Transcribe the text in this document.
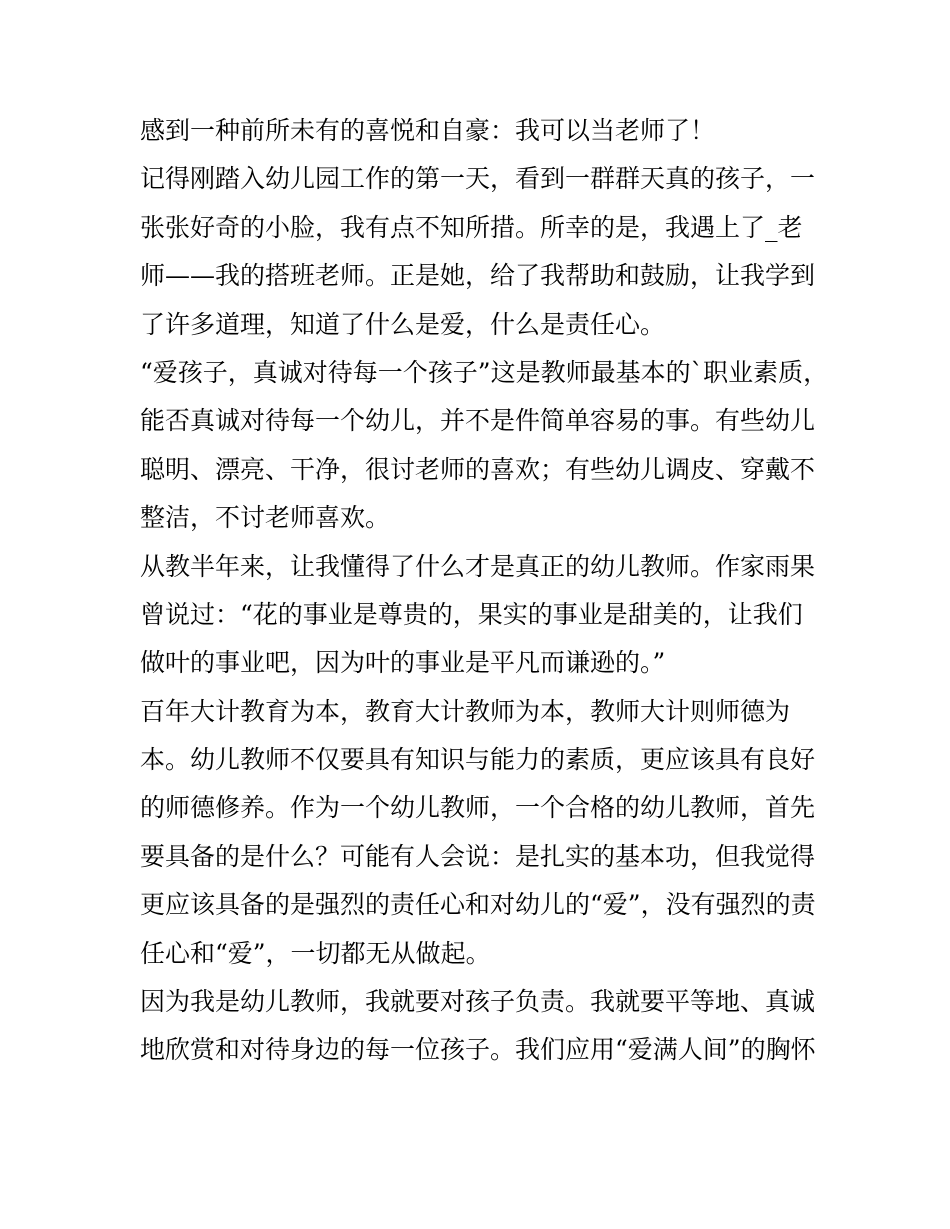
感到一种前所未有的喜悦和自豪：我可以当老师了！
记得刚踏入幼儿园工作的第一天，看到一群群天真的孩子，一
张张好奇的小脸，我有点不知所措。所幸的是，我遇上了_老
师——我的搭班老师。正是她，给了我帮助和鼓励，让我学到
了许多道理，知道了什么是爱，什么是责任心。
“爱孩子，真诚对待每一个孩子”这是教师最基本的`职业素质，
能否真诚对待每一个幼儿，并不是件简单容易的事。有些幼儿
聪明、漂亮、干净，很讨老师的喜欢；有些幼儿调皮、穿戴不
整洁，不讨老师喜欢。
从教半年来，让我懂得了什么才是真正的幼儿教师。作家雨果
曾说过：“花的事业是尊贵的，果实的事业是甜美的，让我们
做叶的事业吧，因为叶的事业是平凡而谦逊的。”
百年大计教育为本，教育大计教师为本，教师大计则师德为
本。幼儿教师不仅要具有知识与能力的素质，更应该具有良好
的师德修养。作为一个幼儿教师，一个合格的幼儿教师，首先
要具备的是什么？可能有人会说：是扎实的基本功，但我觉得
更应该具备的是强烈的责任心和对幼儿的“爱”，没有强烈的责
任心和“爱”，一切都无从做起。
因为我是幼儿教师，我就要对孩子负责。我就要平等地、真诚
地欣赏和对待身边的每一位孩子。我们应用“爱满人间”的胸怀
